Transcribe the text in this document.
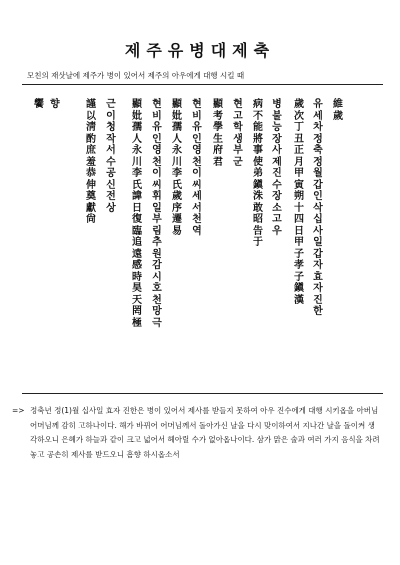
제주유병대제축

모친의 재삿날에 제주가 병이 있어서 제주의 아우에게 대행 시킬 때

維
歲
유
세
차
정
축
정
월
갑
인
삭
십
사
일
갑
자
효
자
진
한
歲
次
丁
丑
正
月
甲
寅
朔
十
四
日
甲
子
孝
子
鎭
漢
병
불
능
장
사
제
진
수
장
소
고
우
病
不
能
將
事
使
弟
鎭
洙
敢
昭
告
于
현
고
학
생
부
군
顯
考
學
生
府
君
현
비
유
인
영
천
이
씨
세
서
천
역
顯
妣
孺
人
永
川
李
氏
歲
序
遷
易
현
비
유
인
영
천
이
씨
휘
일
부
림
추
원
감
시
호
천
망
극
顯
妣
孺
人
永
川
李
氏
諱
日
復
臨
追
遠
感
時
昊
天
罔
極
근
이
청
작
서
수
공
신
전
상
謹
以
淸
酌
庶
羞
恭
伸
奠
獻
尙
饗 향

=> 정축년 정(1)월 십사일 효자 진한은 병이 있어서 제사를 받들지 못하여 아우 진수에게 대행 시키옵을 아버님 어머님께 감히 고하나이다. 해가 바뀌어 어머님께서 돌아가신 날을 다시 맞이하여서 지나간 날을 돌이켜 생각하오니 은혜가 하늘과 같이 크고 넓어서 헤아릴 수가 없아옵나이다. 삼가 맑은 술과 여러 가지 음식을 차려놓고 공손히 제사를 받드오니 흠향 하시옵소서
